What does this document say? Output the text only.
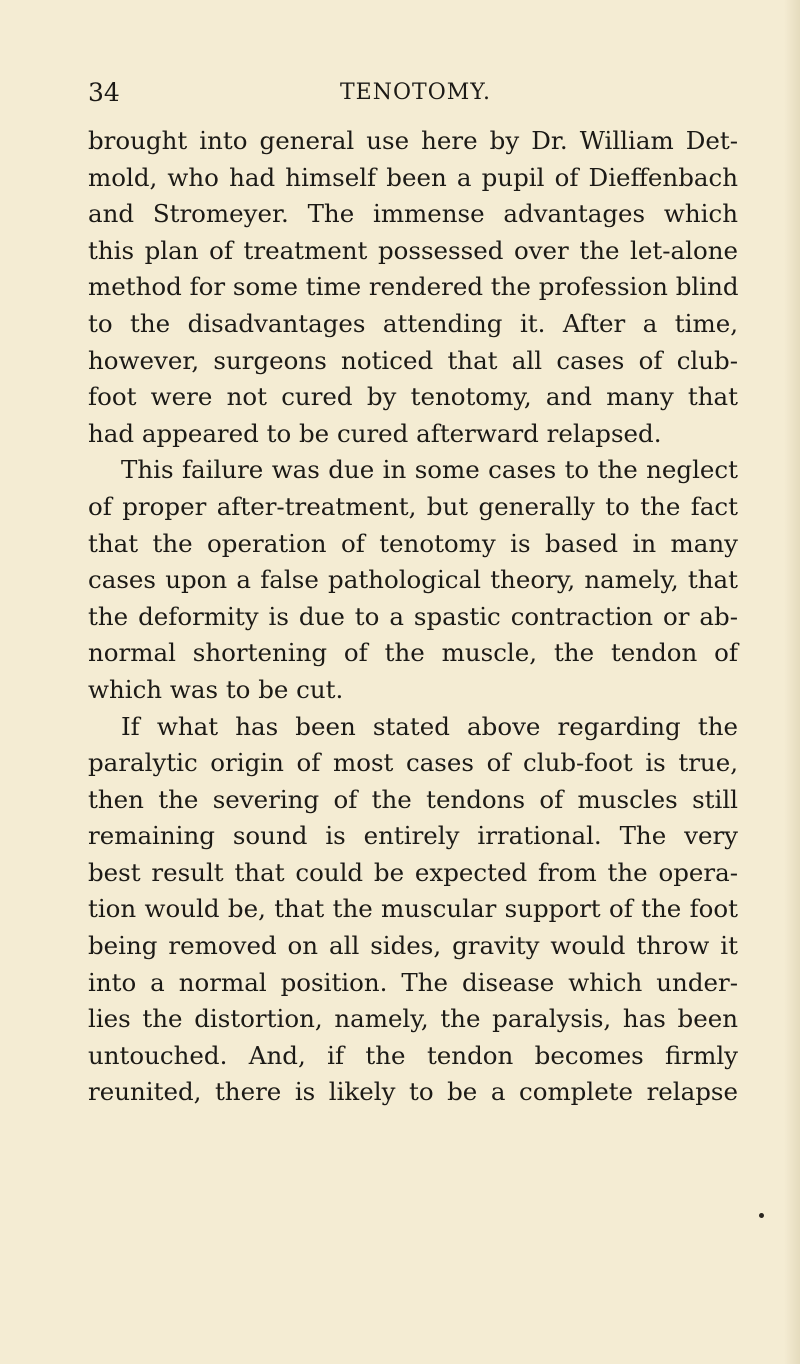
34	TENOTOMY.
brought into general use here by Dr. William Det-
mold, who had himself been a pupil of Dieffenbach
and Stromeyer. The immense advantages which
this plan of treatment possessed over the let-alone
method for some time rendered the profession blind
to the disadvantages attending it. After a time,
however, surgeons noticed that all cases of club-
foot were not cured by tenotomy, and many that
had appeared to be cured afterward relapsed.
This failure was due in some cases to the neglect
of proper after-treatment, but generally to the fact
that the operation of tenotomy is based in many
cases upon a false pathological theory, namely, that
the deformity is due to a spastic contraction or ab-
normal shortening of the muscle, the tendon of
which was to be cut.
If what has been stated above regarding the
paralytic origin of most cases of club-foot is true,
then the severing of the tendons of muscles still
remaining sound is entirely irrational. The very
best result that could be expected from the opera-
tion would be, that the muscular support of the foot
being removed on all sides, gravity would throw it
into a normal position. The disease which under-
lies the distortion, namely, the paralysis, has been
untouched. And, if the tendon becomes firmly
reunited, there is likely to be a complete relapse
